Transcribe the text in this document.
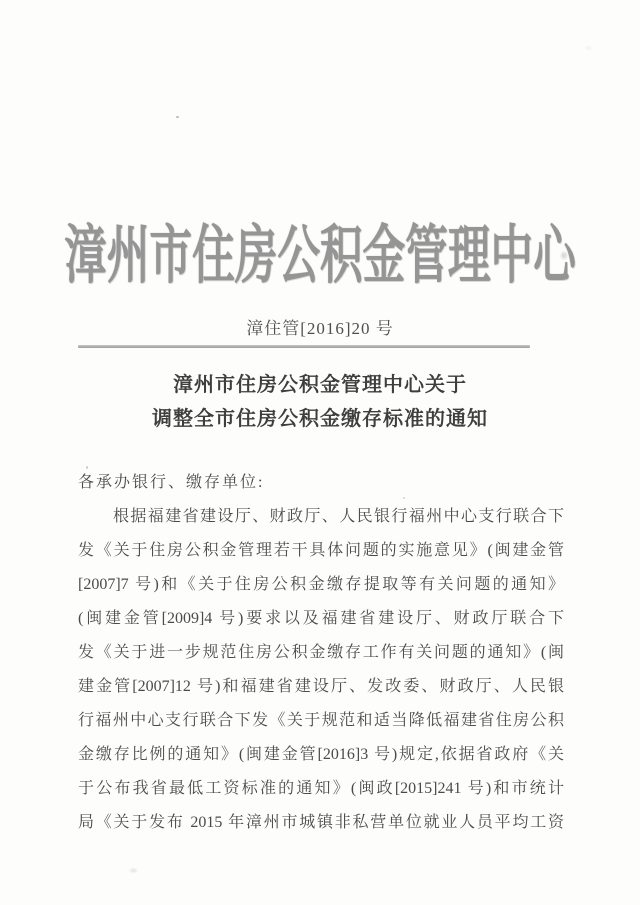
漳州市住房公积金管理中心
漳住管[2016]20 号
漳州市住房公积金管理中心关于
调整全市住房公积金缴存标准的通知
各承办银行、缴存单位:
根据福建省建设厅、财政厅、人民银行福州中心支行联合下
发《关于住房公积金管理若干具体问题的实施意见》(闽建金管
[2007]7 号)和《关于住房公积金缴存提取等有关问题的通知》
(闽建金管[2009]4 号)要求以及福建省建设厅、财政厅联合下
发《关于进一步规范住房公积金缴存工作有关问题的通知》(闽
建金管[2007]12 号)和福建省建设厅、发改委、财政厅、人民银
行福州中心支行联合下发《关于规范和适当降低福建省住房公积
金缴存比例的通知》(闽建金管[2016]3 号)规定,依据省政府《关
于公布我省最低工资标准的通知》(闽政[2015]241 号)和市统计
局《关于发布 2015 年漳州市城镇非私营单位就业人员平均工资
